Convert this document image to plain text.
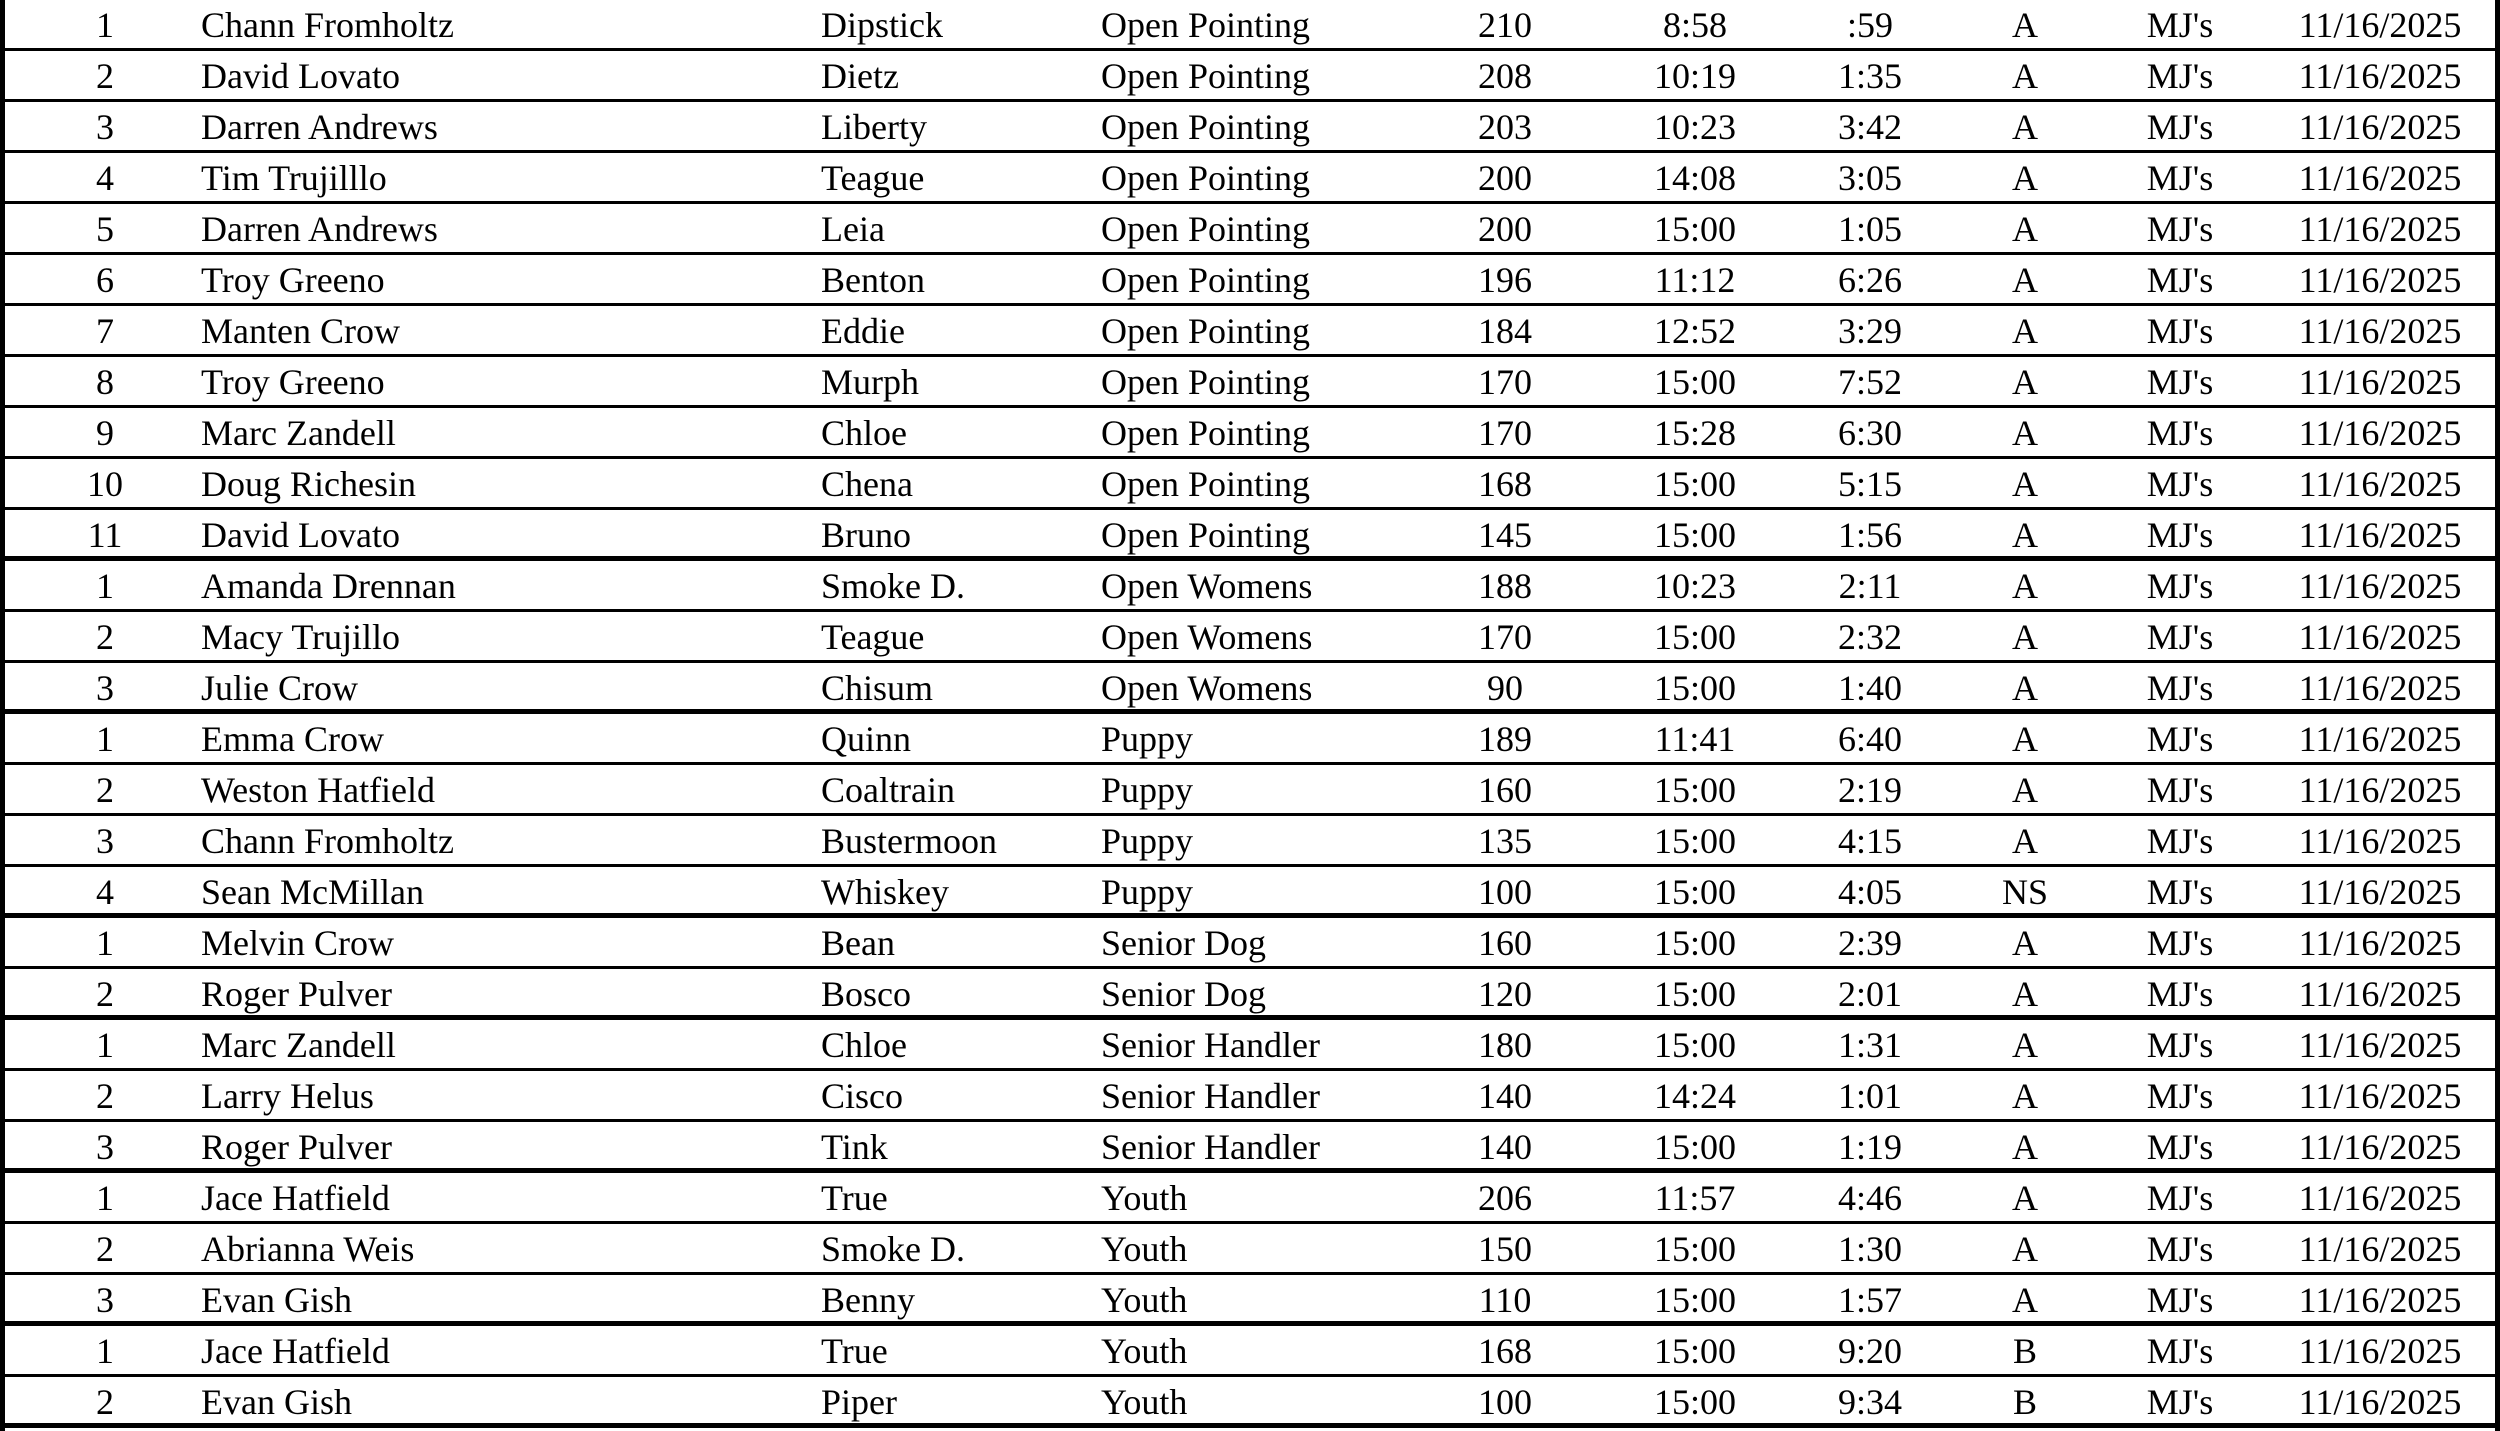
1	Chann Fromholtz	Dipstick	Open Pointing	210	8:58	:59	A	MJ's	11/16/2025
2	David Lovato	Dietz	Open Pointing	208	10:19	1:35	A	MJ's	11/16/2025
3	Darren Andrews	Liberty	Open Pointing	203	10:23	3:42	A	MJ's	11/16/2025
4	Tim Trujilllo	Teague	Open Pointing	200	14:08	3:05	A	MJ's	11/16/2025
5	Darren Andrews	Leia	Open Pointing	200	15:00	1:05	A	MJ's	11/16/2025
6	Troy Greeno	Benton	Open Pointing	196	11:12	6:26	A	MJ's	11/16/2025
7	Manten Crow	Eddie	Open Pointing	184	12:52	3:29	A	MJ's	11/16/2025
8	Troy Greeno	Murph	Open Pointing	170	15:00	7:52	A	MJ's	11/16/2025
9	Marc Zandell	Chloe	Open Pointing	170	15:28	6:30	A	MJ's	11/16/2025
10	Doug Richesin	Chena	Open Pointing	168	15:00	5:15	A	MJ's	11/16/2025
11	David Lovato	Bruno	Open Pointing	145	15:00	1:56	A	MJ's	11/16/2025
1	Amanda Drennan	Smoke D.	Open Womens	188	10:23	2:11	A	MJ's	11/16/2025
2	Macy Trujillo	Teague	Open Womens	170	15:00	2:32	A	MJ's	11/16/2025
3	Julie Crow	Chisum	Open Womens	90	15:00	1:40	A	MJ's	11/16/2025
1	Emma Crow	Quinn	Puppy	189	11:41	6:40	A	MJ's	11/16/2025
2	Weston Hatfield	Coaltrain	Puppy	160	15:00	2:19	A	MJ's	11/16/2025
3	Chann Fromholtz	Bustermoon	Puppy	135	15:00	4:15	A	MJ's	11/16/2025
4	Sean McMillan	Whiskey	Puppy	100	15:00	4:05	NS	MJ's	11/16/2025
1	Melvin Crow	Bean	Senior Dog	160	15:00	2:39	A	MJ's	11/16/2025
2	Roger Pulver	Bosco	Senior Dog	120	15:00	2:01	A	MJ's	11/16/2025
1	Marc Zandell	Chloe	Senior Handler	180	15:00	1:31	A	MJ's	11/16/2025
2	Larry Helus	Cisco	Senior Handler	140	14:24	1:01	A	MJ's	11/16/2025
3	Roger Pulver	Tink	Senior Handler	140	15:00	1:19	A	MJ's	11/16/2025
1	Jace Hatfield	True	Youth	206	11:57	4:46	A	MJ's	11/16/2025
2	Abrianna Weis	Smoke D.	Youth	150	15:00	1:30	A	MJ's	11/16/2025
3	Evan Gish	Benny	Youth	110	15:00	1:57	A	MJ's	11/16/2025
1	Jace Hatfield	True	Youth	168	15:00	9:20	B	MJ's	11/16/2025
2	Evan Gish	Piper	Youth	100	15:00	9:34	B	MJ's	11/16/2025
